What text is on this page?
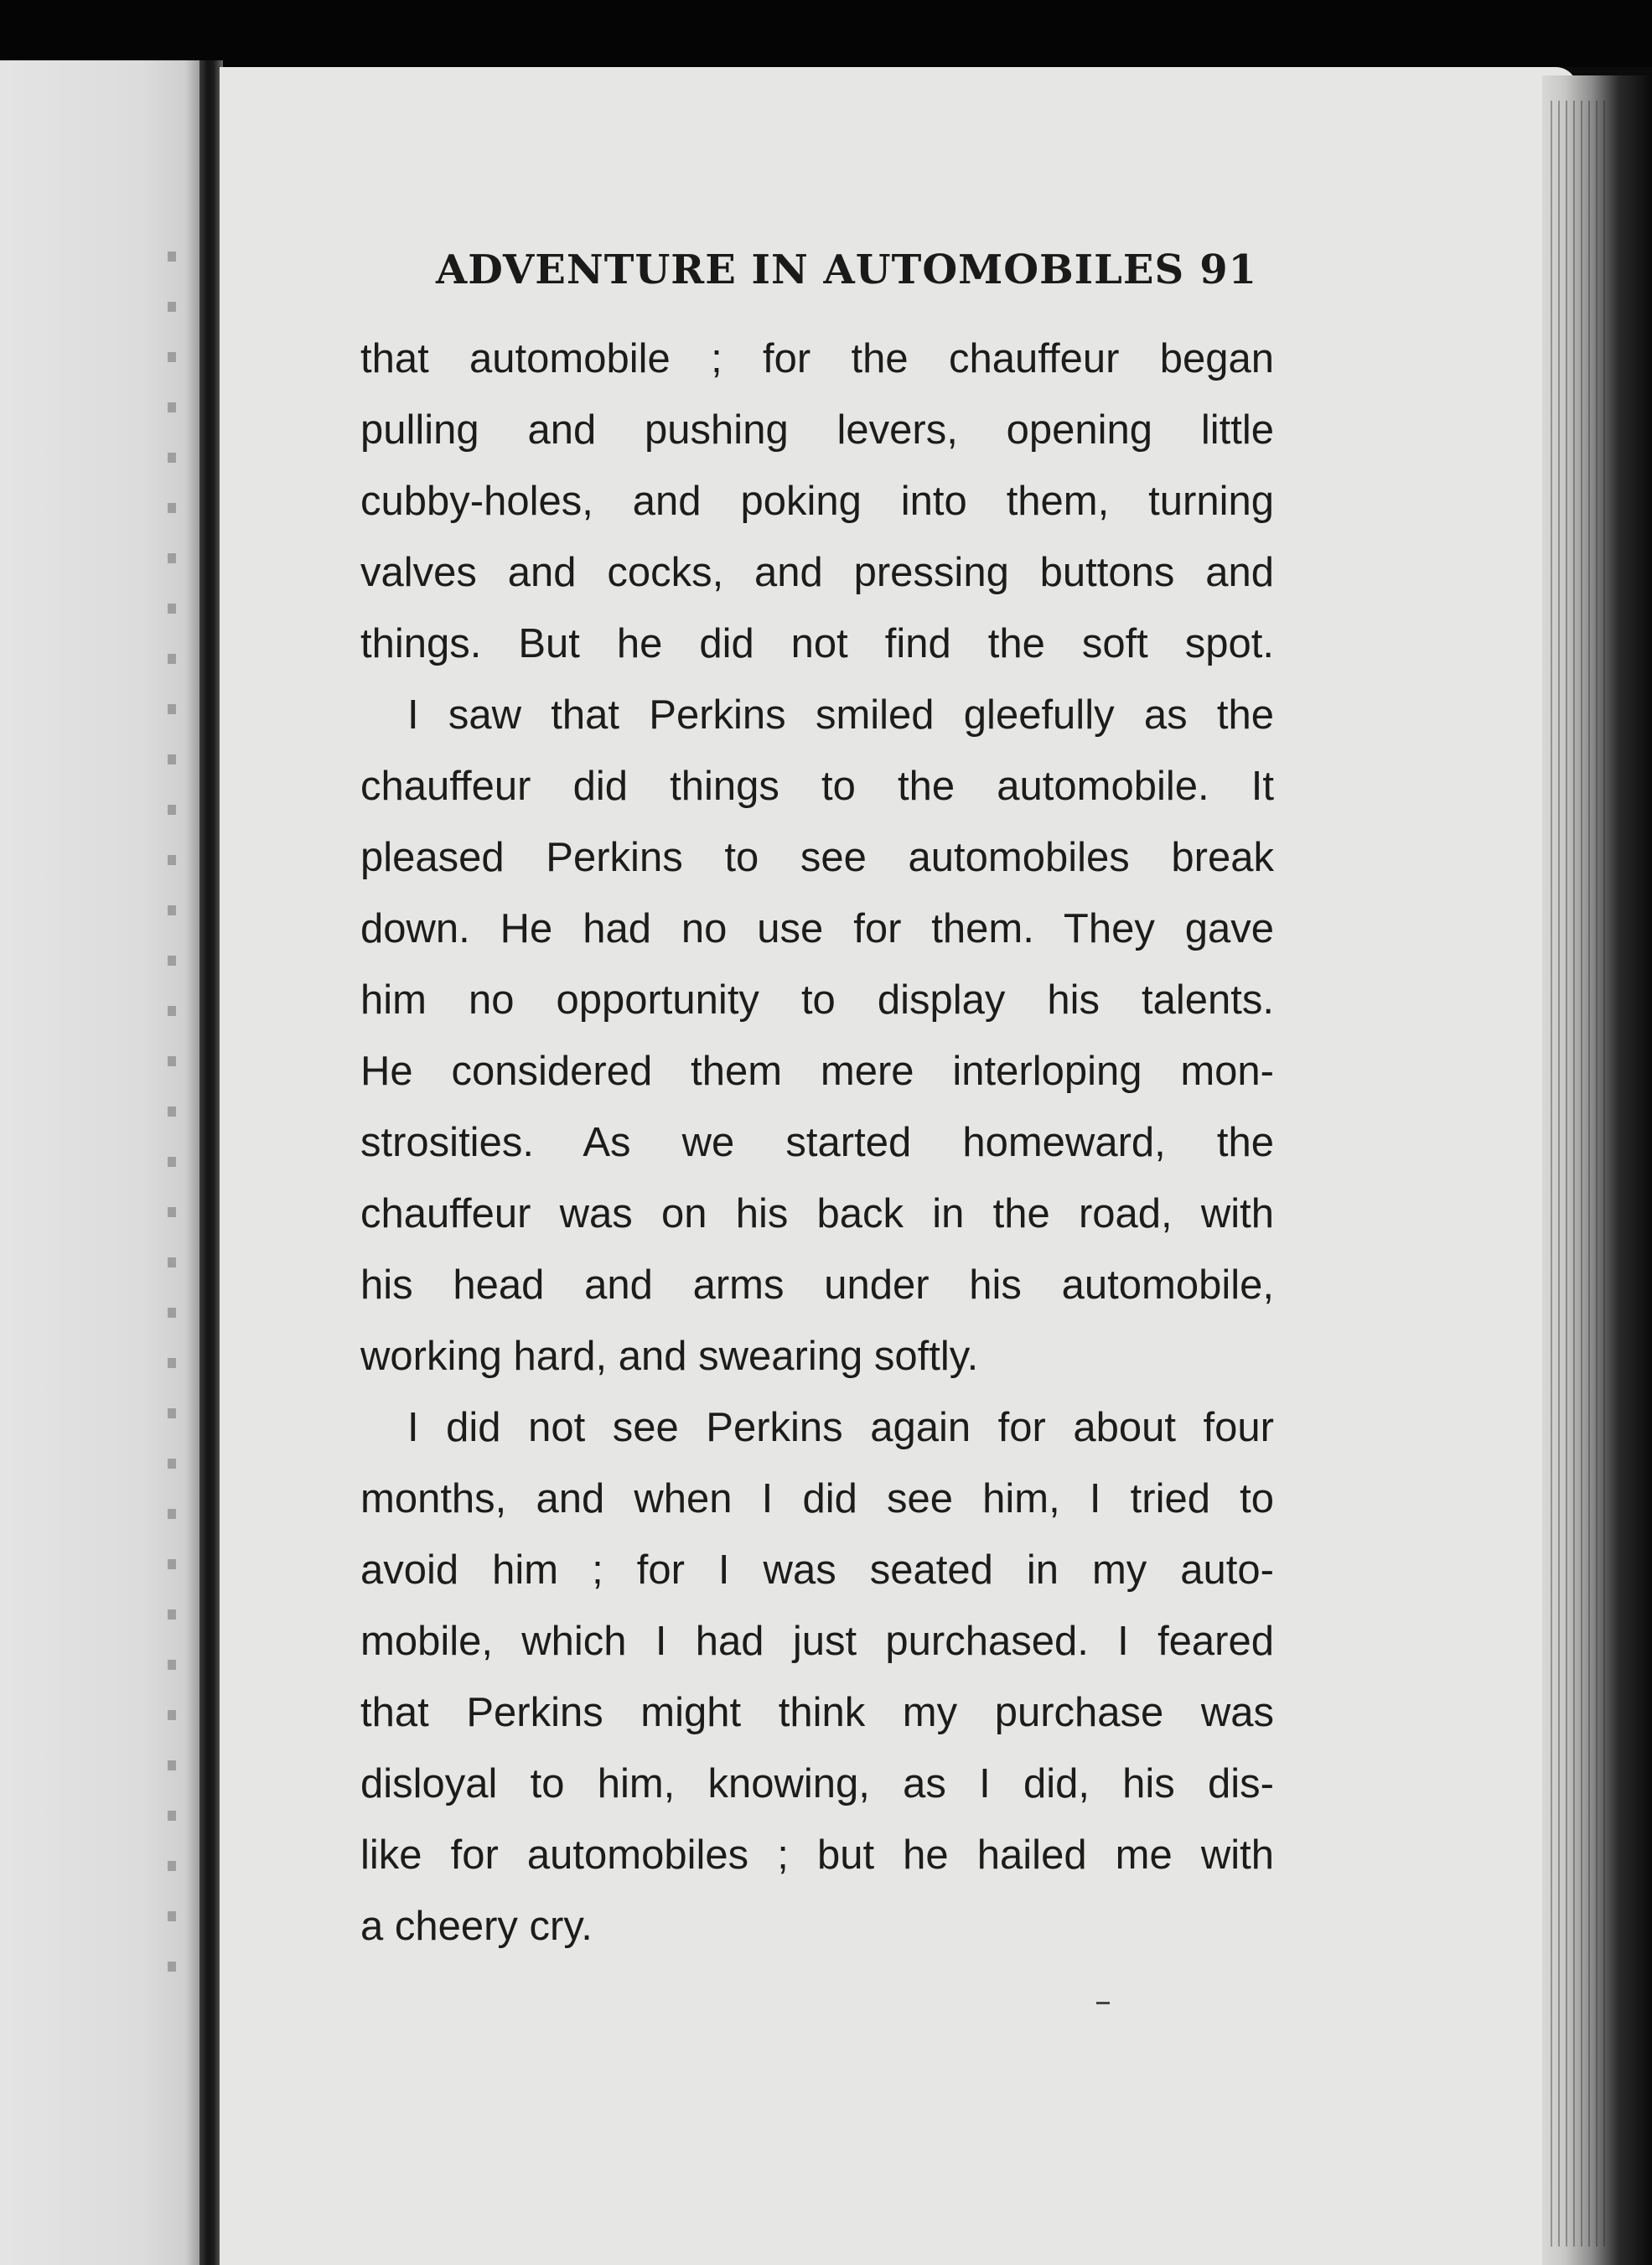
ADVENTURE IN AUTOMOBILES 91
that automobile ; for the chauffeur began
pulling and pushing levers, opening little
cubby-holes, and poking into them, turning
valves and cocks, and pressing buttons and
things. But he did not find the soft spot.
I saw that Perkins smiled gleefully as the
chauffeur did things to the automobile. It
pleased Perkins to see automobiles break
down. He had no use for them. They gave
him no opportunity to display his talents.
He considered them mere interloping mon-
strosities. As we started homeward, the
chauffeur was on his back in the road, with
his head and arms under his automobile,
working hard, and swearing softly.
I did not see Perkins again for about four
months, and when I did see him, I tried to
avoid him ; for I was seated in my auto-
mobile, which I had just purchased. I feared
that Perkins might think my purchase was
disloyal to him, knowing, as I did, his dis-
like for automobiles ; but he hailed me with
a cheery cry.
